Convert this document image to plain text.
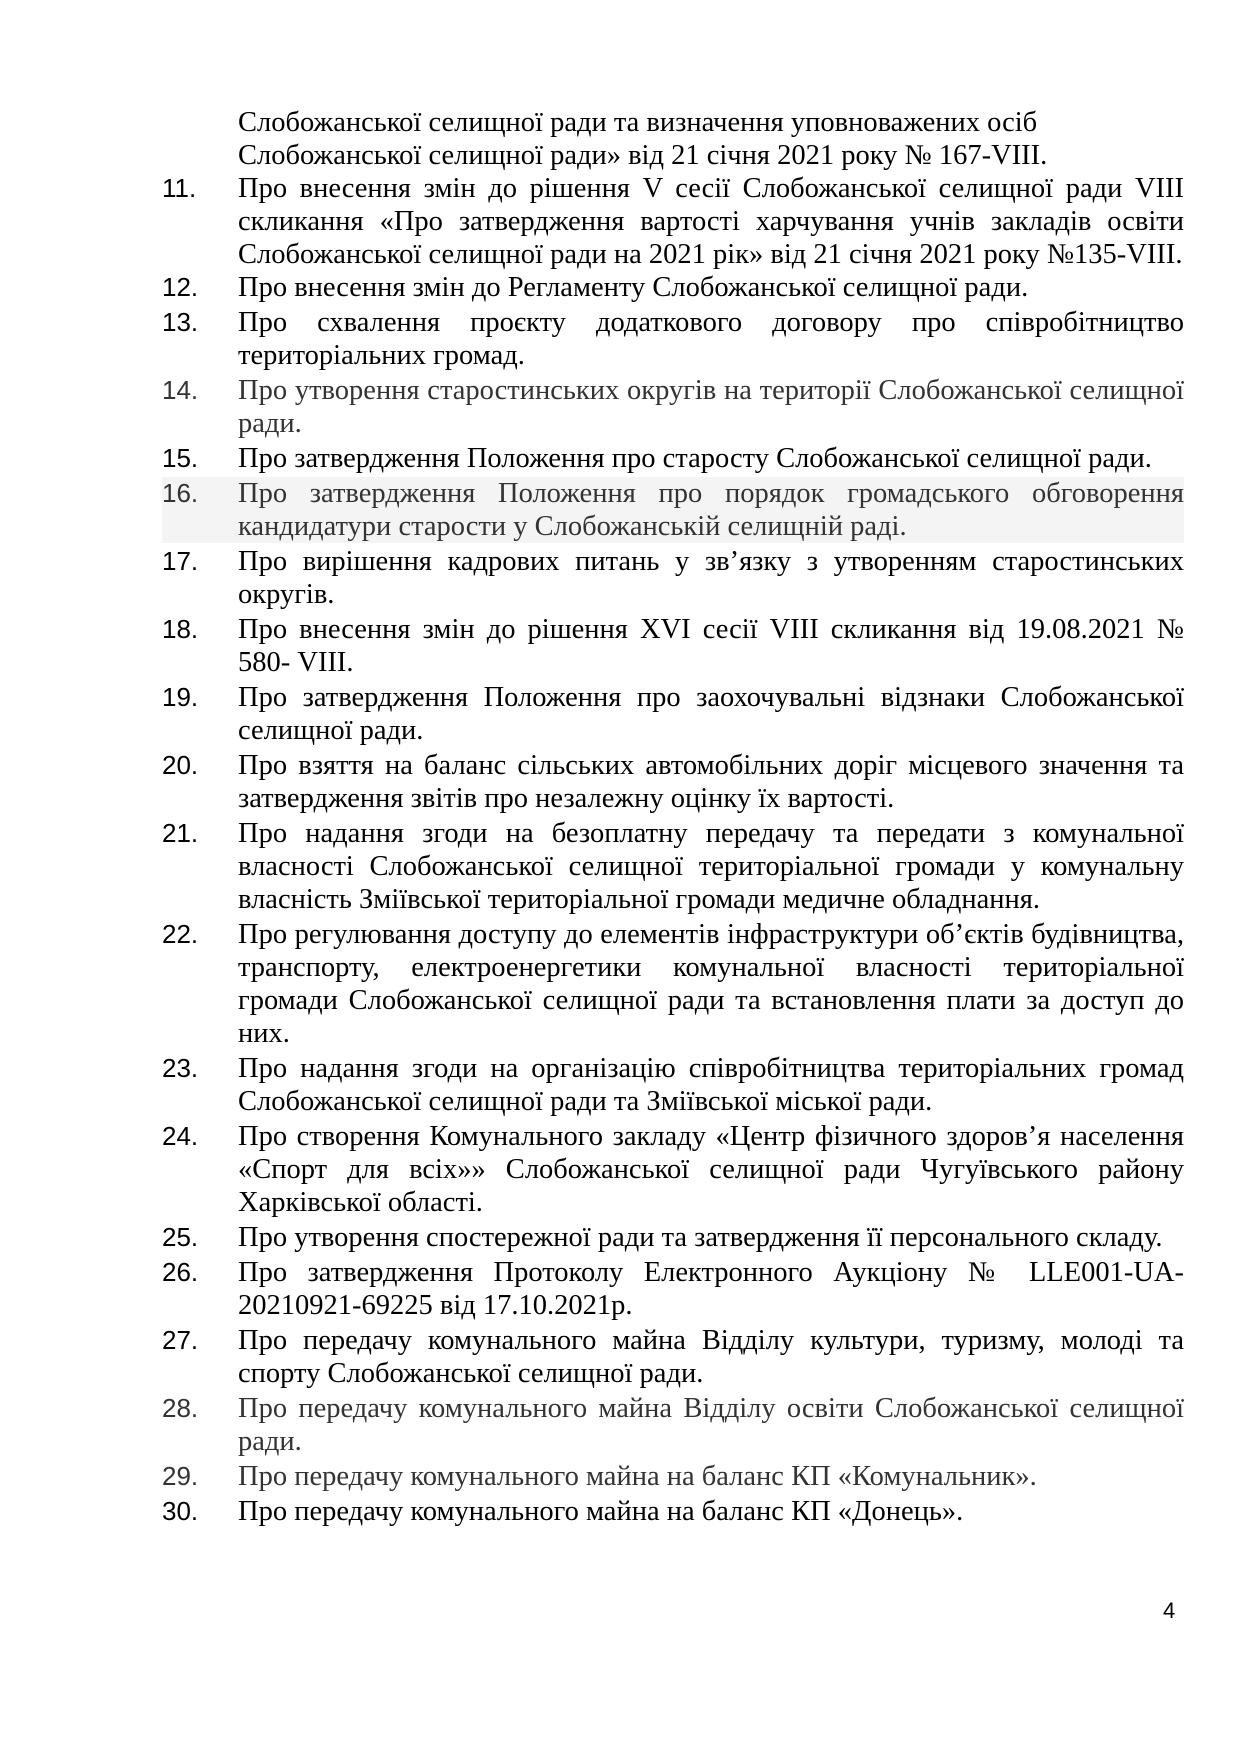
Слобожанської селищної ради та визначення уповноважених осіб

Слобожанської селищної ради» від 21 січня 2021 року № 167-VIII.

11.	Про внесення змін до рішення V сесії Слобожанської селищної ради VIII скликання «Про затвердження вартості харчування учнів закладів освіти Слобожанської селищної ради на 2021 рік» від 21 січня 2021 року №135-VIII.
12.	Про внесення змін до Регламенту Слобожанської селищної ради.
13.	Про схвалення проєкту додаткового договору про співробітництво територіальних громад.
14.	Про утворення старостинських округів на території Слобожанської селищної ради.
15.	Про затвердження Положення про старосту Слобожанської селищної ради.
16.	Про затвердження Положення про порядок громадського обговорення кандидатури старости у Слобожанській селищній раді.
17.	Про вирішення кадрових питань у зв’язку з утворенням старостинських округів.
18.	Про внесення змін до рішення XVI сесії VIII скликання від 19.08.2021 № 580- VIII.
19.	Про затвердження Положення про заохочувальні відзнаки Слобожанської селищної ради.
20.	Про взяття на баланс сільських автомобільних доріг місцевого значення та затвердження звітів про незалежну оцінку їх вартості.
21.	Про надання згоди на безоплатну передачу та передати з комунальної власності Слобожанської селищної територіальної громади у комунальну власність Зміївської територіальної громади медичне обладнання.
22.	Про регулювання доступу до елементів інфраструктури об’єктів будівництва, транспорту, електроенергетики комунальної власності територіальної громади Слобожанської селищної ради та встановлення плати за доступ до них.
23.	Про надання згоди на організацію співробітництва територіальних громад Слобожанської селищної ради та Зміївської міської ради.
24.	Про створення Комунального закладу «Центр фізичного здоров’я населення «Спорт для всіх»» Слобожанської селищної ради Чугуївського району Харківської області.
25.	Про утворення спостережної ради та затвердження її персонального складу.
26.	Про затвердження Протоколу Електронного Аукціону № LLE001-UA-20210921-69225 від 17.10.2021р.
27.	Про передачу комунального майна Відділу культури, туризму, молоді та спорту Слобожанської селищної ради.
28.	Про передачу комунального майна Відділу освіти Слобожанської селищної ради.
29.	Про передачу комунального майна на баланс КП «Комунальник».
30.	Про передачу комунального майна на баланс КП «Донець».
4
